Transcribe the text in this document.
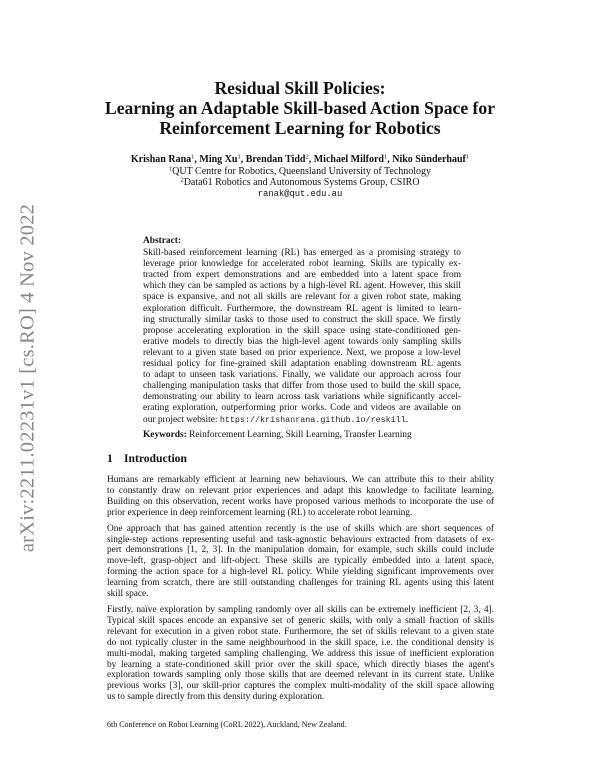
arXiv:2211.02231v1 [cs.RO] 4 Nov 2022
Residual Skill Policies:
Learning an Adaptable Skill-based Action Space for
Reinforcement Learning for Robotics
Krishan Rana$^1$, Ming Xu$^1$, Brendan Tidd$^2$, Michael Milford$^1$, Niko Sünderhauf$^1$
$^1$QUT Centre for Robotics, Queensland University of Technology
$^2$Data61 Robotics and Autonomous Systems Group, CSIRO
ranak@qut.edu.au
Abstract:
Skill-based reinforcement learning (RL) has emerged as a promising strategy to
leverage prior knowledge for accelerated robot learning. Skills are typically ex-
tracted from expert demonstrations and are embedded into a latent space from
which they can be sampled as actions by a high-level RL agent. However, this skill
space is expansive, and not all skills are relevant for a given robot state, making
exploration difficult. Furthermore, the downstream RL agent is limited to learn-
ing structurally similar tasks to those used to construct the skill space. We firstly
propose accelerating exploration in the skill space using state-conditioned gen-
erative models to directly bias the high-level agent towards only sampling skills
relevant to a given state based on prior experience. Next, we propose a low-level
residual policy for fine-grained skill adaptation enabling downstream RL agents
to adapt to unseen task variations. Finally, we validate our approach across four
challenging manipulation tasks that differ from those used to build the skill space,
demonstrating our ability to learn across task variations while significantly accel-
erating exploration, outperforming prior works. Code and videos are available on
our project website: https://krishanrana.github.io/reskill.
Keywords: Reinforcement Learning, Skill Learning, Transfer Learning
1 Introduction

Humans are remarkably efficient at learning new behaviours. We can attribute this to their ability
to constantly draw on relevant prior experiences and adapt this knowledge to facilitate learning.
Building on this observation, recent works have proposed various methods to incorporate the use of
prior experience in deep reinforcement learning (RL) to accelerate robot learning.

One approach that has gained attention recently is the use of skills which are short sequences of
single-step actions representing useful and task-agnostic behaviours extracted from datasets of ex-
pert demonstrations [1, 2, 3]. In the manipulation domain, for example, such skills could include
move-left, grasp-object and lift-object. These skills are typically embedded into a latent space,
forming the action space for a high-level RL policy. While yielding significant improvements over
learning from scratch, there are still outstanding challenges for training RL agents using this latent
skill space.

Firstly, naïve exploration by sampling randomly over all skills can be extremely inefficient [2, 3, 4].
Typical skill spaces encode an expansive set of generic skills, with only a small fraction of skills
relevant for execution in a given robot state. Furthermore, the set of skills relevant to a given state
do not typically cluster in the same neighbourhood in the skill space, i.e. the conditional density is
multi-modal, making targeted sampling challenging. We address this issue of inefficient exploration
by learning a state-conditioned skill prior over the skill space, which directly biases the agent's
exploration towards sampling only those skills that are deemed relevant in its current state. Unlike
previous works [3], our skill-prior captures the complex multi-modality of the skill space allowing
us to sample directly from this density during exploration.

6th Conference on Robot Learning (CoRL 2022), Auckland, New Zealand.
